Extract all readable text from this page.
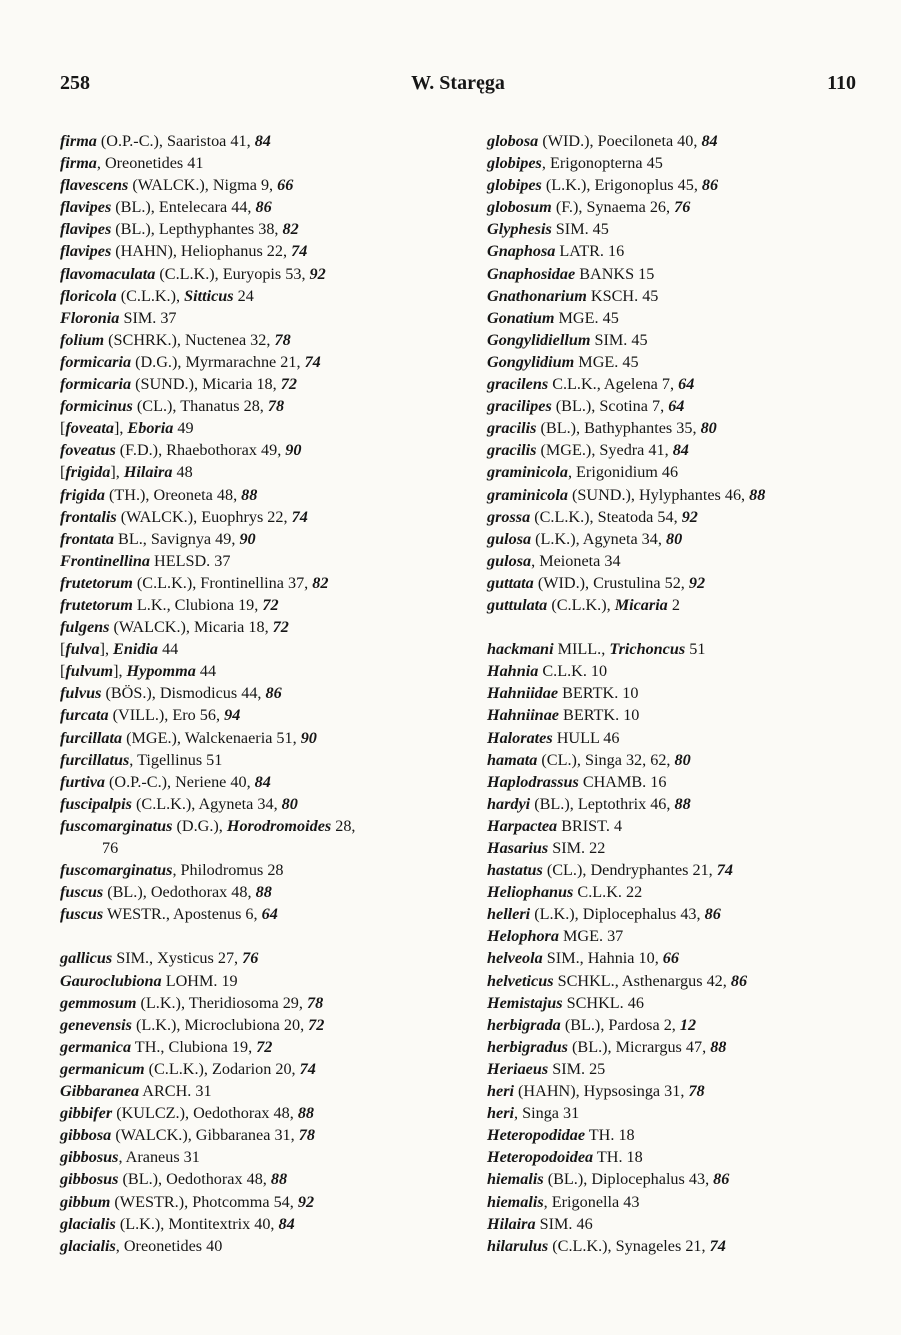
258	W. Staręga	110
firma (O.P.-C.), Saaristoa 41, 84
firma, Oreonetides 41
flavescens (WALCK.), Nigma 9, 66
flavipes (BL.), Entelecara 44, 86
flavipes (BL.), Lepthyphantes 38, 82
flavipes (HAHN), Heliophanus 22, 74
flavomaculata (C.L.K.), Euryopis 53, 92
floricola (C.L.K.), Sitticus 24
Floronia SIM. 37
folium (SCHRK.), Nuctenea 32, 78
formicaria (D.G.), Myrmarachne 21, 74
formicaria (SUND.), Micaria 18, 72
formicinus (CL.), Thanatus 28, 78
[foveata], Eboria 49
foveatus (F.D.), Rhaebothorax 49, 90
[frigida], Hilaira 48
frigida (TH.), Oreoneta 48, 88
frontalis (WALCK.), Euophrys 22, 74
frontata BL., Savignya 49, 90
Frontinellina HELSD. 37
frutetorum (C.L.K.), Frontinellina 37, 82
frutetorum L.K., Clubiona 19, 72
fulgens (WALCK.), Micaria 18, 72
[fulva], Enidia 44
[fulvum], Hypomma 44
fulvus (BÖS.), Dismodicus 44, 86
furcata (VILL.), Ero 56, 94
furcillata (MGE.), Walckenaeria 51, 90
furcillatus, Tigellinus 51
furtiva (O.P.-C.), Neriene 40, 84
fuscipalpis (C.L.K.), Agyneta 34, 80
fuscomarginatus (D.G.), Horodromoides 28,
76
fuscomarginatus, Philodromus 28
fuscus (BL.), Oedothorax 48, 88
fuscus WESTR., Apostenus 6, 64
gallicus SIM., Xysticus 27, 76
Gauroclubiona LOHM. 19
gemmosum (L.K.), Theridiosoma 29, 78
genevensis (L.K.), Microclubiona 20, 72
germanica TH., Clubiona 19, 72
germanicum (C.L.K.), Zodarion 20, 74
Gibbaranea ARCH. 31
gibbifer (KULCZ.), Oedothorax 48, 88
gibbosa (WALCK.), Gibbaranea 31, 78
gibbosus, Araneus 31
gibbosus (BL.), Oedothorax 48, 88
gibbum (WESTR.), Photcomma 54, 92
glacialis (L.K.), Montitextrix 40, 84
glacialis, Oreonetides 40
globosa (WID.), Poeciloneta 40, 84
globipes, Erigonopterna 45
globipes (L.K.), Erigonoplus 45, 86
globosum (F.), Synaema 26, 76
Glyphesis SIM. 45
Gnaphosa LATR. 16
Gnaphosidae BANKS 15
Gnathonarium KSCH. 45
Gonatium MGE. 45
Gongylidiellum SIM. 45
Gongylidium MGE. 45
gracilens C.L.K., Agelena 7, 64
gracilipes (BL.), Scotina 7, 64
gracilis (BL.), Bathyphantes 35, 80
gracilis (MGE.), Syedra 41, 84
graminicola, Erigonidium 46
graminicola (SUND.), Hylyphantes 46, 88
grossa (C.L.K.), Steatoda 54, 92
gulosa (L.K.), Agyneta 34, 80
gulosa, Meioneta 34
guttata (WID.), Crustulina 52, 92
guttulata (C.L.K.), Micaria 2
hackmani MILL., Trichoncus 51
Hahnia C.L.K. 10
Hahniidae BERTK. 10
Hahniinae BERTK. 10
Halorates HULL 46
hamata (CL.), Singa 32, 62, 80
Haplodrassus CHAMB. 16
hardyi (BL.), Leptothrix 46, 88
Harpactea BRIST. 4
Hasarius SIM. 22
hastatus (CL.), Dendryphantes 21, 74
Heliophanus C.L.K. 22
helleri (L.K.), Diplocephalus 43, 86
Helophora MGE. 37
helveola SIM., Hahnia 10, 66
helveticus SCHKL., Asthenargus 42, 86
Hemistajus SCHKL. 46
herbigrada (BL.), Pardosa 2, 12
herbigradus (BL.), Micrargus 47, 88
Heriaeus SIM. 25
heri (HAHN), Hypsosinga 31, 78
heri, Singa 31
Heteropodidae TH. 18
Heteropodoidea TH. 18
hiemalis (BL.), Diplocephalus 43, 86
hiemalis, Erigonella 43
Hilaira SIM. 46
hilarulus (C.L.K.), Synageles 21, 74
